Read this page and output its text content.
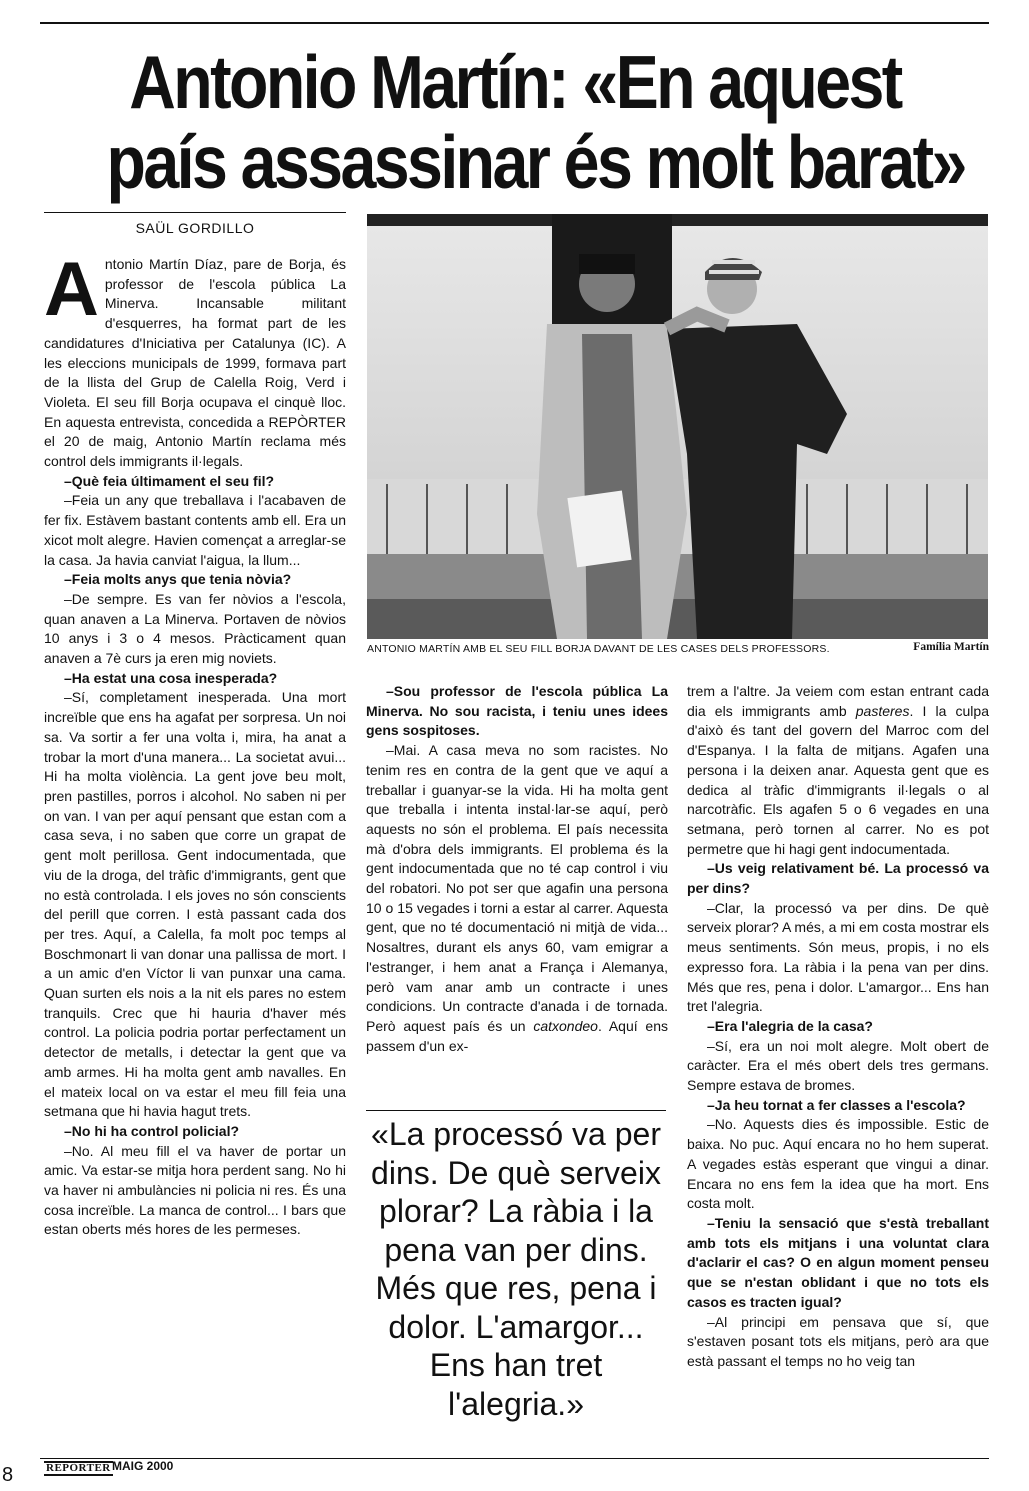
Antonio Martín: «En aquest
país assassinar és molt barat»

SAÜL GORDILLO

Antonio Martín Díaz, pare de Borja, és professor de l'escola pública La Minerva. Incansable militant d'esquerres, ha format part de les candidatures d'Iniciativa per Catalunya (IC). A les eleccions municipals de 1999, formava part de la llista del Grup de Calella Roig, Verd i Violeta. El seu fill Borja ocupava el cinquè lloc. En aquesta entrevista, concedida a REPÒRTER el 20 de maig, Antonio Martín reclama més control dels immigrants il·legals.

–Què feia últimament el seu fil?

–Feia un any que treballava i l'acabaven de fer fix. Estàvem bastant contents amb ell. Era un xicot molt alegre. Havien començat a arreglar-se la casa. Ja havia canviat l'aigua, la llum...

–Feia molts anys que tenia nòvia?

–De sempre. Es van fer nòvios a l'escola, quan anaven a La Minerva. Portaven de nòvios 10 anys i 3 o 4 mesos. Pràcticament quan anaven a 7è curs ja eren mig noviets.

–Ha estat una cosa inesperada?

–Sí, completament inesperada. Una mort increïble que ens ha agafat per sorpresa. Un noi sa. Va sortir a fer una volta i, mira, ha anat a trobar la mort d'una manera... La societat avui... Hi ha molta violència. La gent jove beu molt, pren pastilles, porros i alcohol. No saben ni per on van. I van per aquí pensant que estan com a casa seva, i no saben que corre un grapat de gent molt perillosa. Gent indocumentada, que viu de la droga, del tràfic d'immigrants, gent que no està controlada. I els joves no són conscients del perill que corren. I està passant cada dos per tres. Aquí, a Calella, fa molt poc temps al Boschmonart li van donar una pallissa de mort. I a un amic d'en Víctor li van punxar una cama. Quan surten els nois a la nit els pares no estem tranquils. Crec que hi hauria d'haver més control. La policia podria portar perfectament un detector de metalls, i detectar la gent que va amb armes. Hi ha molta gent amb navalles. En el mateix local on va estar el meu fill feia una setmana que hi havia hagut trets.

–No hi ha control policial?

–No. Al meu fill el va haver de portar un amic. Va estar-se mitja hora perdent sang. No hi va haver ni ambulàncies ni policia ni res. És una cosa increïble. La manca de control... I bars que estan oberts més hores de les permeses.

ANTONIO MARTÍN AMB EL SEU FILL BORJA DAVANT DE LES CASES DELS PROFESSORS.	Família Martín

–Sou professor de l'escola pública La Minerva. No sou racista, i teniu unes idees gens sospitoses.

–Mai. A casa meva no som racistes. No tenim res en contra de la gent que ve aquí a treballar i guanyar-se la vida. Hi ha molta gent que treballa i intenta instal·lar-se aquí, però aquests no són el problema. El país necessita mà d'obra dels immigrants. El problema és la gent indocumentada que no té cap control i viu del robatori. No pot ser que agafin una persona 10 o 15 vegades i torni a estar al carrer. Aquesta gent, que no té documentació ni mitjà de vida... Nosaltres, durant els anys 60, vam emigrar a l'estranger, i hem anat a França i Alemanya, però vam anar amb un contracte i unes condicions. Un contracte d'anada i de tornada. Però aquest país és un catxondeo. Aquí ens passem d'un ex-

«La processó va per dins. De què serveix plorar? La ràbia i la pena van per dins. Més que res, pena i dolor. L'amargor... Ens han tret l'alegria.»

trem a l'altre. Ja veiem com estan entrant cada dia els immigrants amb pasteres. I la culpa d'això és tant del govern del Marroc com del d'Espanya. I la falta de mitjans. Agafen una persona i la deixen anar. Aquesta gent que es dedica al tràfic d'immigrants il·legals o al narcotràfic. Els agafen 5 o 6 vegades en una setmana, però tornen al carrer. No es pot permetre que hi hagi gent indocumentada.

–Us veig relativament bé. La processó va per dins?

–Clar, la processó va per dins. De què serveix plorar? A més, a mi em costa mostrar els meus sentiments. Són meus, propis, i no els expresso fora. La ràbia i la pena van per dins. Més que res, pena i dolor. L'amargor... Ens han tret l'alegria.

–Era l'alegria de la casa?

–Sí, era un noi molt alegre. Molt obert de caràcter. Era el més obert dels tres germans. Sempre estava de bromes.

–Ja heu tornat a fer classes a l'escola?

–No. Aquests dies és impossible. Estic de baixa. No puc. Aquí encara no ho hem superat. A vegades estàs esperant que vingui a dinar. Encara no ens fem la idea que ha mort. Ens costa molt.

–Teniu la sensació que s'està treballant amb tots els mitjans i una voluntat clara d'aclarir el cas? O en algun moment penseu que se n'estan oblidant i que no tots els casos es tracten igual?

–Al principi em pensava que sí, que s'estaven posant tots els mitjans, però ara que està passant el temps no ho veig tan

8	REPÒRTER MAIG 2000
